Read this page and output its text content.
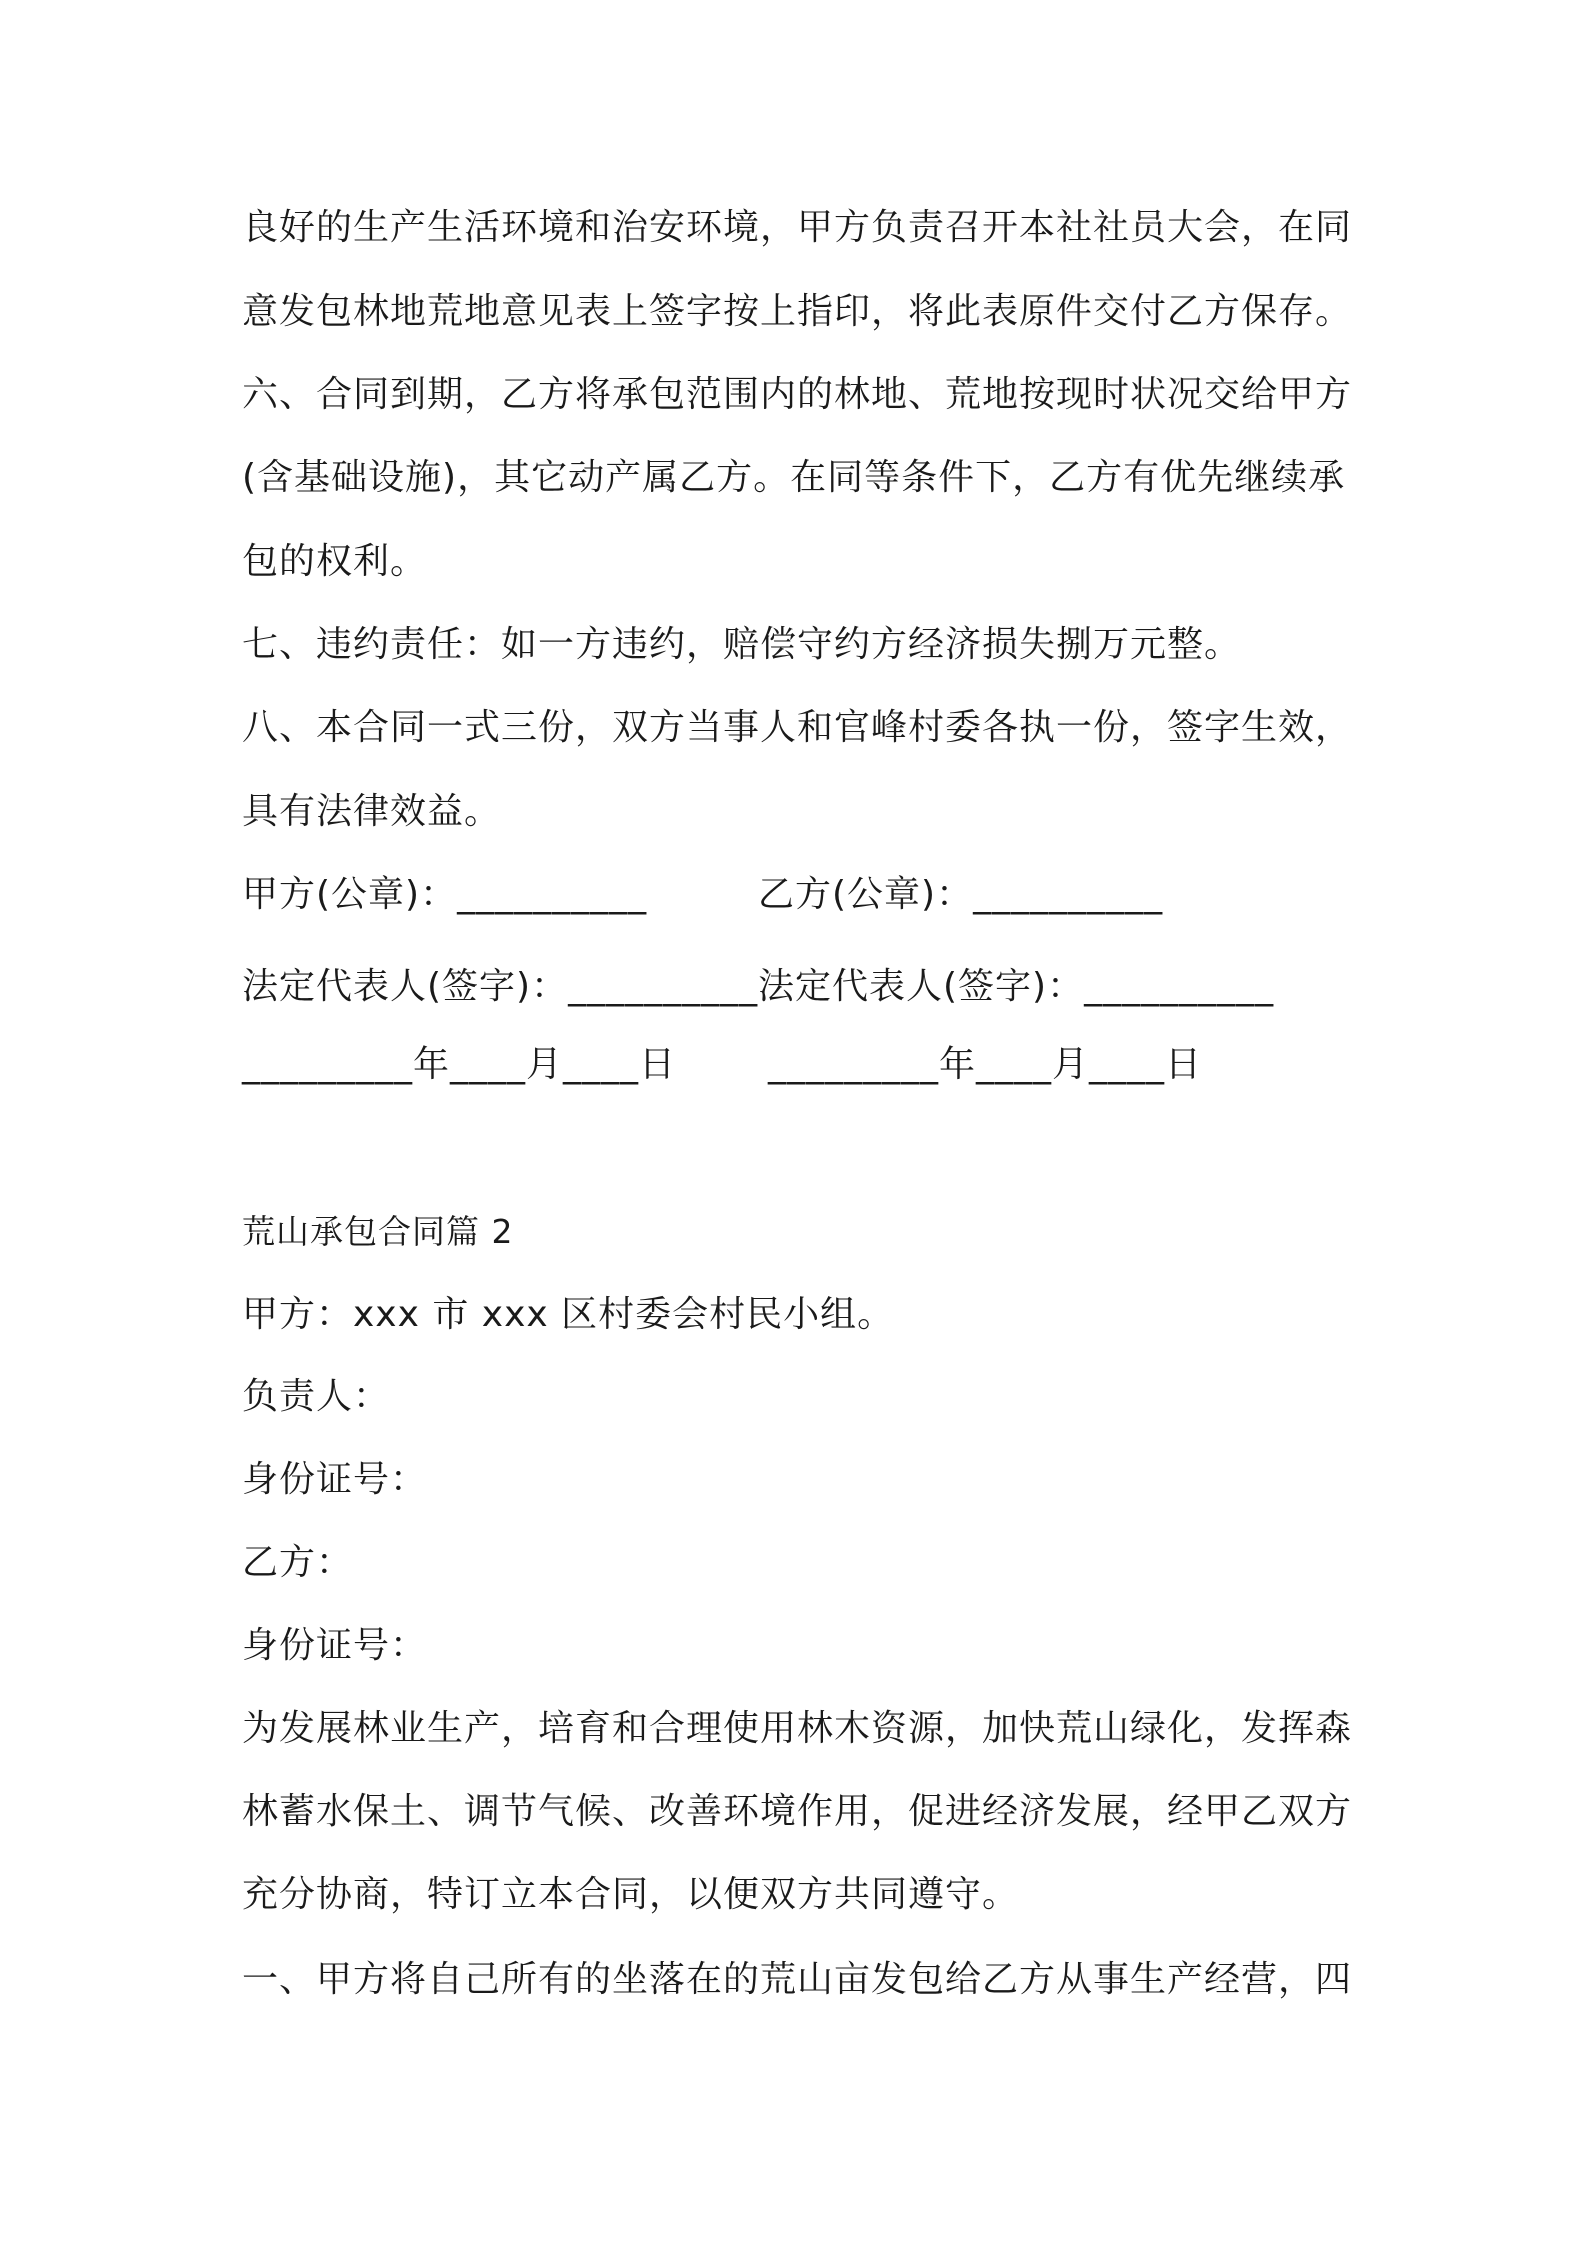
良好的生产生活环境和治安环境，甲方负责召开本社社员大会，在同
意发包林地荒地意见表上签字按上指印，将此表原件交付乙方保存。
六、合同到期，乙方将承包范围内的林地、荒地按现时状况交给甲方
(含基础设施)，其它动产属乙方。在同等条件下，乙方有优先继续承
包的权利。
七、违约责任：如一方违约，赔偿守约方经济损失捌万元整。
八、本合同一式三份，双方当事人和官峰村委各执一份，签字生效，
具有法律效益。
甲方(公章)：__________	乙方(公章)：__________
法定代表人(签字)：__________ 法定代表人(签字)：__________
_________年____月____日	_________年____月____日
荒山承包合同篇 2
甲方：xxx 市 xxx 区村委会村民小组。
负责人：
身份证号：
乙方：
身份证号：
为发展林业生产，培育和合理使用林木资源，加快荒山绿化，发挥森
林蓄水保土、调节气候、改善环境作用，促进经济发展，经甲乙双方
充分协商，特订立本合同，以便双方共同遵守。
一、甲方将自己所有的坐落在的荒山亩发包给乙方从事生产经营，四
